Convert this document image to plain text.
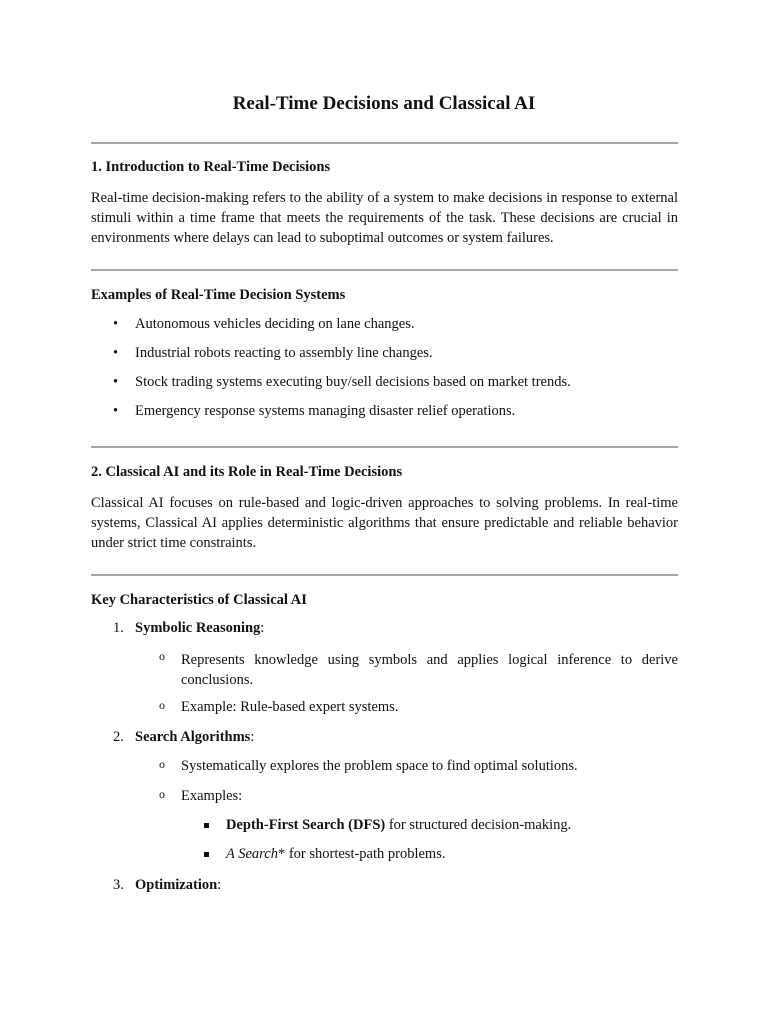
Real-Time Decisions and Classical AI
1. Introduction to Real-Time Decisions

Real-time decision-making refers to the ability of a system to make decisions in response to external stimuli within a time frame that meets the requirements of the task. These decisions are crucial in environments where delays can lead to suboptimal outcomes or system failures.

Examples of Real-Time Decision Systems
• Autonomous vehicles deciding on lane changes.

• Industrial robots reacting to assembly line changes.

• Stock trading systems executing buy/sell decisions based on market trends.

• Emergency response systems managing disaster relief operations.

2. Classical AI and its Role in Real-Time Decisions

Classical AI focuses on rule-based and logic-driven approaches to solving problems. In real-time systems, Classical AI applies deterministic algorithms that ensure predictable and reliable behavior under strict time constraints.

Key Characteristics of Classical AI
1. Symbolic Reasoning:

o Represents knowledge using symbols and applies logical inference to derive conclusions.

o Example: Rule-based expert systems.

2. Search Algorithms:

o Systematically explores the problem space to find optimal solutions.

o Examples:

Depth-First Search (DFS) for structured decision-making.

A Search* for shortest-path problems.

3. Optimization:
